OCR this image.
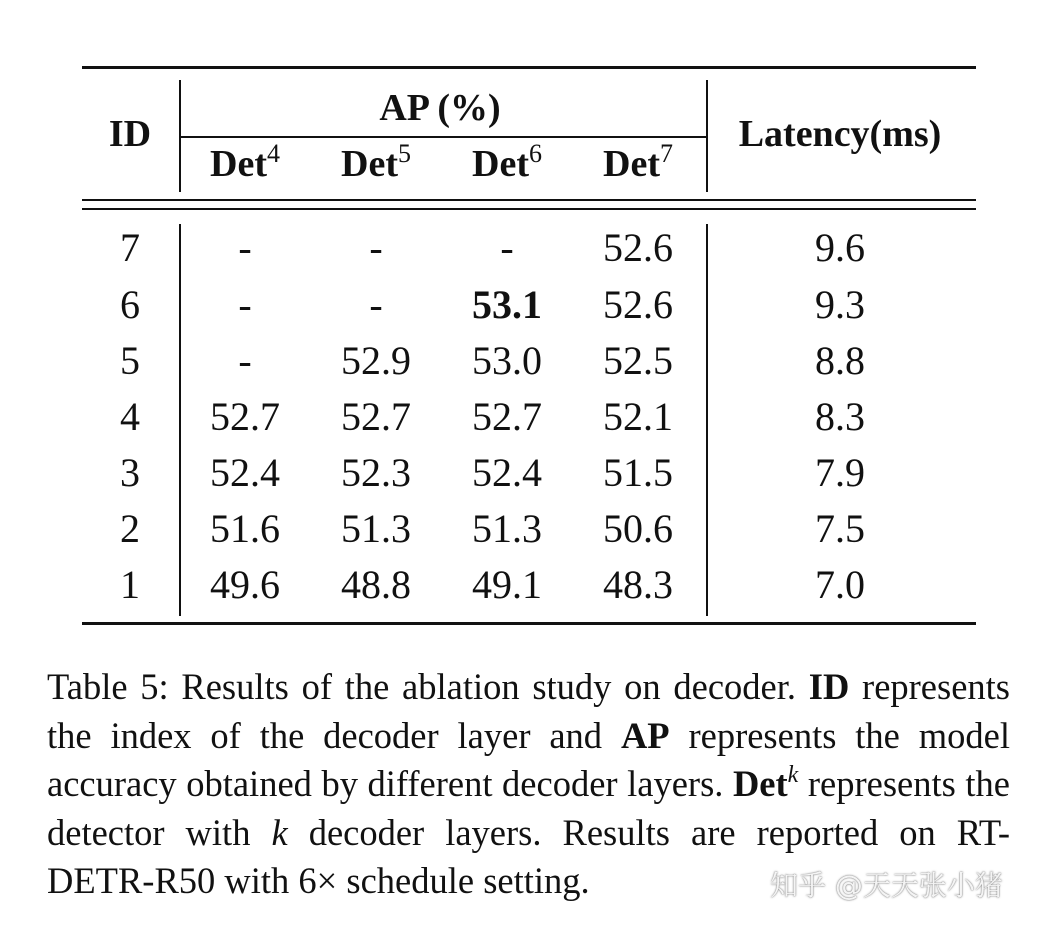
ID
AP (%)
Latency(ms)
Det$^4$	Det$^5$	Det$^6$	Det$^7$
7	-	-	-	52.6	9.6
6	-	-	53.1	52.6	9.3
5	-	52.9	53.0	52.5	8.8
4	52.7	52.7	52.7	52.1	8.3
3	52.4	52.3	52.4	51.5	7.9
2	51.6	51.3	51.3	50.6	7.5
1	49.6	48.8	49.1	48.3	7.0
Table 5: Results of the ablation study on decoder. ID represents the index of the decoder layer and AP represents the model accuracy obtained by different decoder layers. Det$^k$ represents the detector with k decoder layers. Results are reported on RT-DETR-R50 with 6× schedule setting.	知乎 @天天张小猪
